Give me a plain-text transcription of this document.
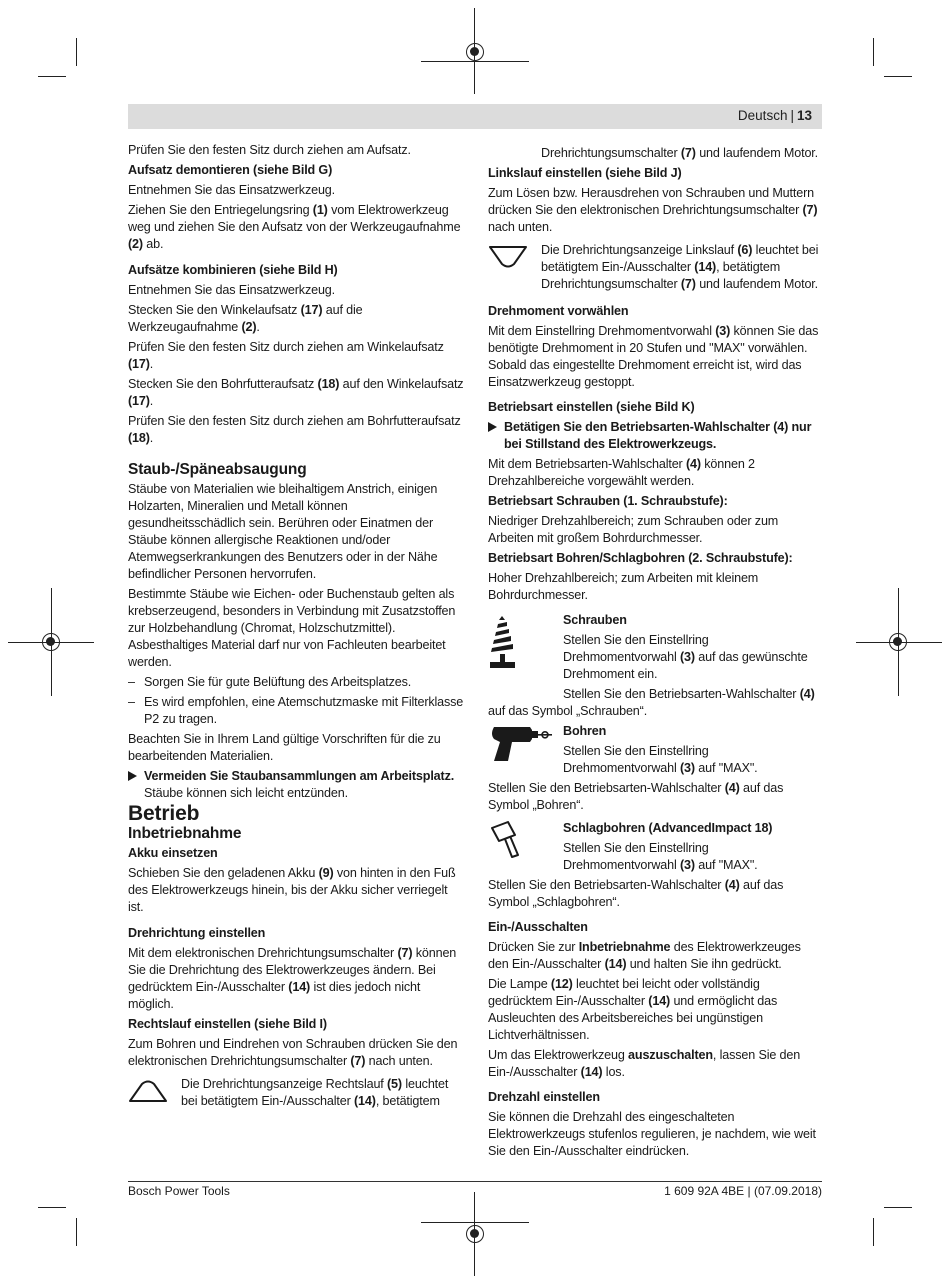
Deutsch | 13

Prüfen Sie den festen Sitz durch ziehen am Aufsatz.

Aufsatz demontieren (siehe Bild G)

Entnehmen Sie das Einsatzwerkzeug.

Ziehen Sie den Entriegelungsring (1) vom Elektrowerkzeug weg und ziehen Sie den Aufsatz von der Werkzeugaufnahme (2) ab.

Aufsätze kombinieren (siehe Bild H)

Entnehmen Sie das Einsatzwerkzeug.

Stecken Sie den Winkelaufsatz (17) auf die Werkzeugaufnahme (2).

Prüfen Sie den festen Sitz durch ziehen am Winkelaufsatz (17).

Stecken Sie den Bohrfutteraufsatz (18) auf den Winkelaufsatz (17).

Prüfen Sie den festen Sitz durch ziehen am Bohrfutteraufsatz (18).

Staub-/Späneabsaugung

Stäube von Materialien wie bleihaltigem Anstrich, einigen Holzarten, Mineralien und Metall können gesundheitsschädlich sein. Berühren oder Einatmen der Stäube können allergische Reaktionen und/oder Atemwegserkrankungen des Benutzers oder in der Nähe befindlicher Personen hervorrufen.

Bestimmte Stäube wie Eichen- oder Buchenstaub gelten als krebserzeugend, besonders in Verbindung mit Zusatzstoffen zur Holzbehandlung (Chromat, Holzschutzmittel). Asbesthaltiges Material darf nur von Fachleuten bearbeitet werden.

– Sorgen Sie für gute Belüftung des Arbeitsplatzes.

– Es wird empfohlen, eine Atemschutzmaske mit Filterklasse P2 zu tragen.

Beachten Sie in Ihrem Land gültige Vorschriften für die zu bearbeitenden Materialien.

Vermeiden Sie Staubansammlungen am Arbeitsplatz. Stäube können sich leicht entzünden.

Betrieb

Inbetriebnahme

Akku einsetzen

Schieben Sie den geladenen Akku (9) von hinten in den Fuß des Elektrowerkzeugs hinein, bis der Akku sicher verriegelt ist.

Drehrichtung einstellen

Mit dem elektronischen Drehrichtungsumschalter (7) können Sie die Drehrichtung des Elektrowerkzeuges ändern. Bei gedrücktem Ein-/Ausschalter (14) ist dies jedoch nicht möglich.

Rechtslauf einstellen (siehe Bild I)

Zum Bohren und Eindrehen von Schrauben drücken Sie den elektronischen Drehrichtungsumschalter (7) nach unten.

Die Drehrichtungsanzeige Rechtslauf (5) leuchtet bei betätigtem Ein-/Ausschalter (14), betätigtem

Drehrichtungsumschalter (7) und laufendem Motor.

Linkslauf einstellen (siehe Bild J)

Zum Lösen bzw. Herausdrehen von Schrauben und Muttern drücken Sie den elektronischen Drehrichtungsumschalter (7) nach unten.

Die Drehrichtungsanzeige Linkslauf (6) leuchtet bei betätigtem Ein-/Ausschalter (14), betätigtem Drehrichtungsumschalter (7) und laufendem Motor.

Drehmoment vorwählen

Mit dem Einstellring Drehmomentvorwahl (3) können Sie das benötigte Drehmoment in 20 Stufen und "MAX" vorwählen. Sobald das eingestellte Drehmoment erreicht ist, wird das Einsatzwerkzeug gestoppt.

Betriebsart einstellen (siehe Bild K)

Betätigen Sie den Betriebsarten-Wahlschalter (4) nur bei Stillstand des Elektrowerkzeugs.

Mit dem Betriebsarten-Wahlschalter (4) können 2 Drehzahlbereiche vorgewählt werden.

Betriebsart Schrauben (1. Schraubstufe):

Niedriger Drehzahlbereich; zum Schrauben oder zum Arbeiten mit großem Bohrdurchmesser.

Betriebsart Bohren/Schlagbohren (2. Schraubstufe):

Hoher Drehzahlbereich; zum Arbeiten mit kleinem Bohrdurchmesser.

Schrauben

Stellen Sie den Einstellring Drehmomentvorwahl (3) auf das gewünschte Drehmoment ein.

Stellen Sie den Betriebsarten-Wahlschalter (4)

auf das Symbol „Schrauben“.

Bohren

Stellen Sie den Einstellring Drehmomentvorwahl (3) auf "MAX".

Stellen Sie den Betriebsarten-Wahlschalter (4) auf das Symbol „Bohren“.

Schlagbohren (AdvancedImpact 18)

Stellen Sie den Einstellring Drehmomentvorwahl (3) auf "MAX".

Stellen Sie den Betriebsarten-Wahlschalter (4) auf das Symbol „Schlagbohren“.

Ein-/Ausschalten

Drücken Sie zur Inbetriebnahme des Elektrowerkzeuges den Ein-/Ausschalter (14) und halten Sie ihn gedrückt.

Die Lampe (12) leuchtet bei leicht oder vollständig gedrücktem Ein-/Ausschalter (14) und ermöglicht das Ausleuchten des Arbeitsbereiches bei ungünstigen Lichtverhältnissen.

Um das Elektrowerkzeug auszuschalten, lassen Sie den Ein-/Ausschalter (14) los.

Drehzahl einstellen

Sie können die Drehzahl des eingeschalteten Elektrowerkzeugs stufenlos regulieren, je nachdem, wie weit Sie den Ein-/Ausschalter eindrücken.

Bosch Power Tools	1 609 92A 4BE | (07.09.2018)
